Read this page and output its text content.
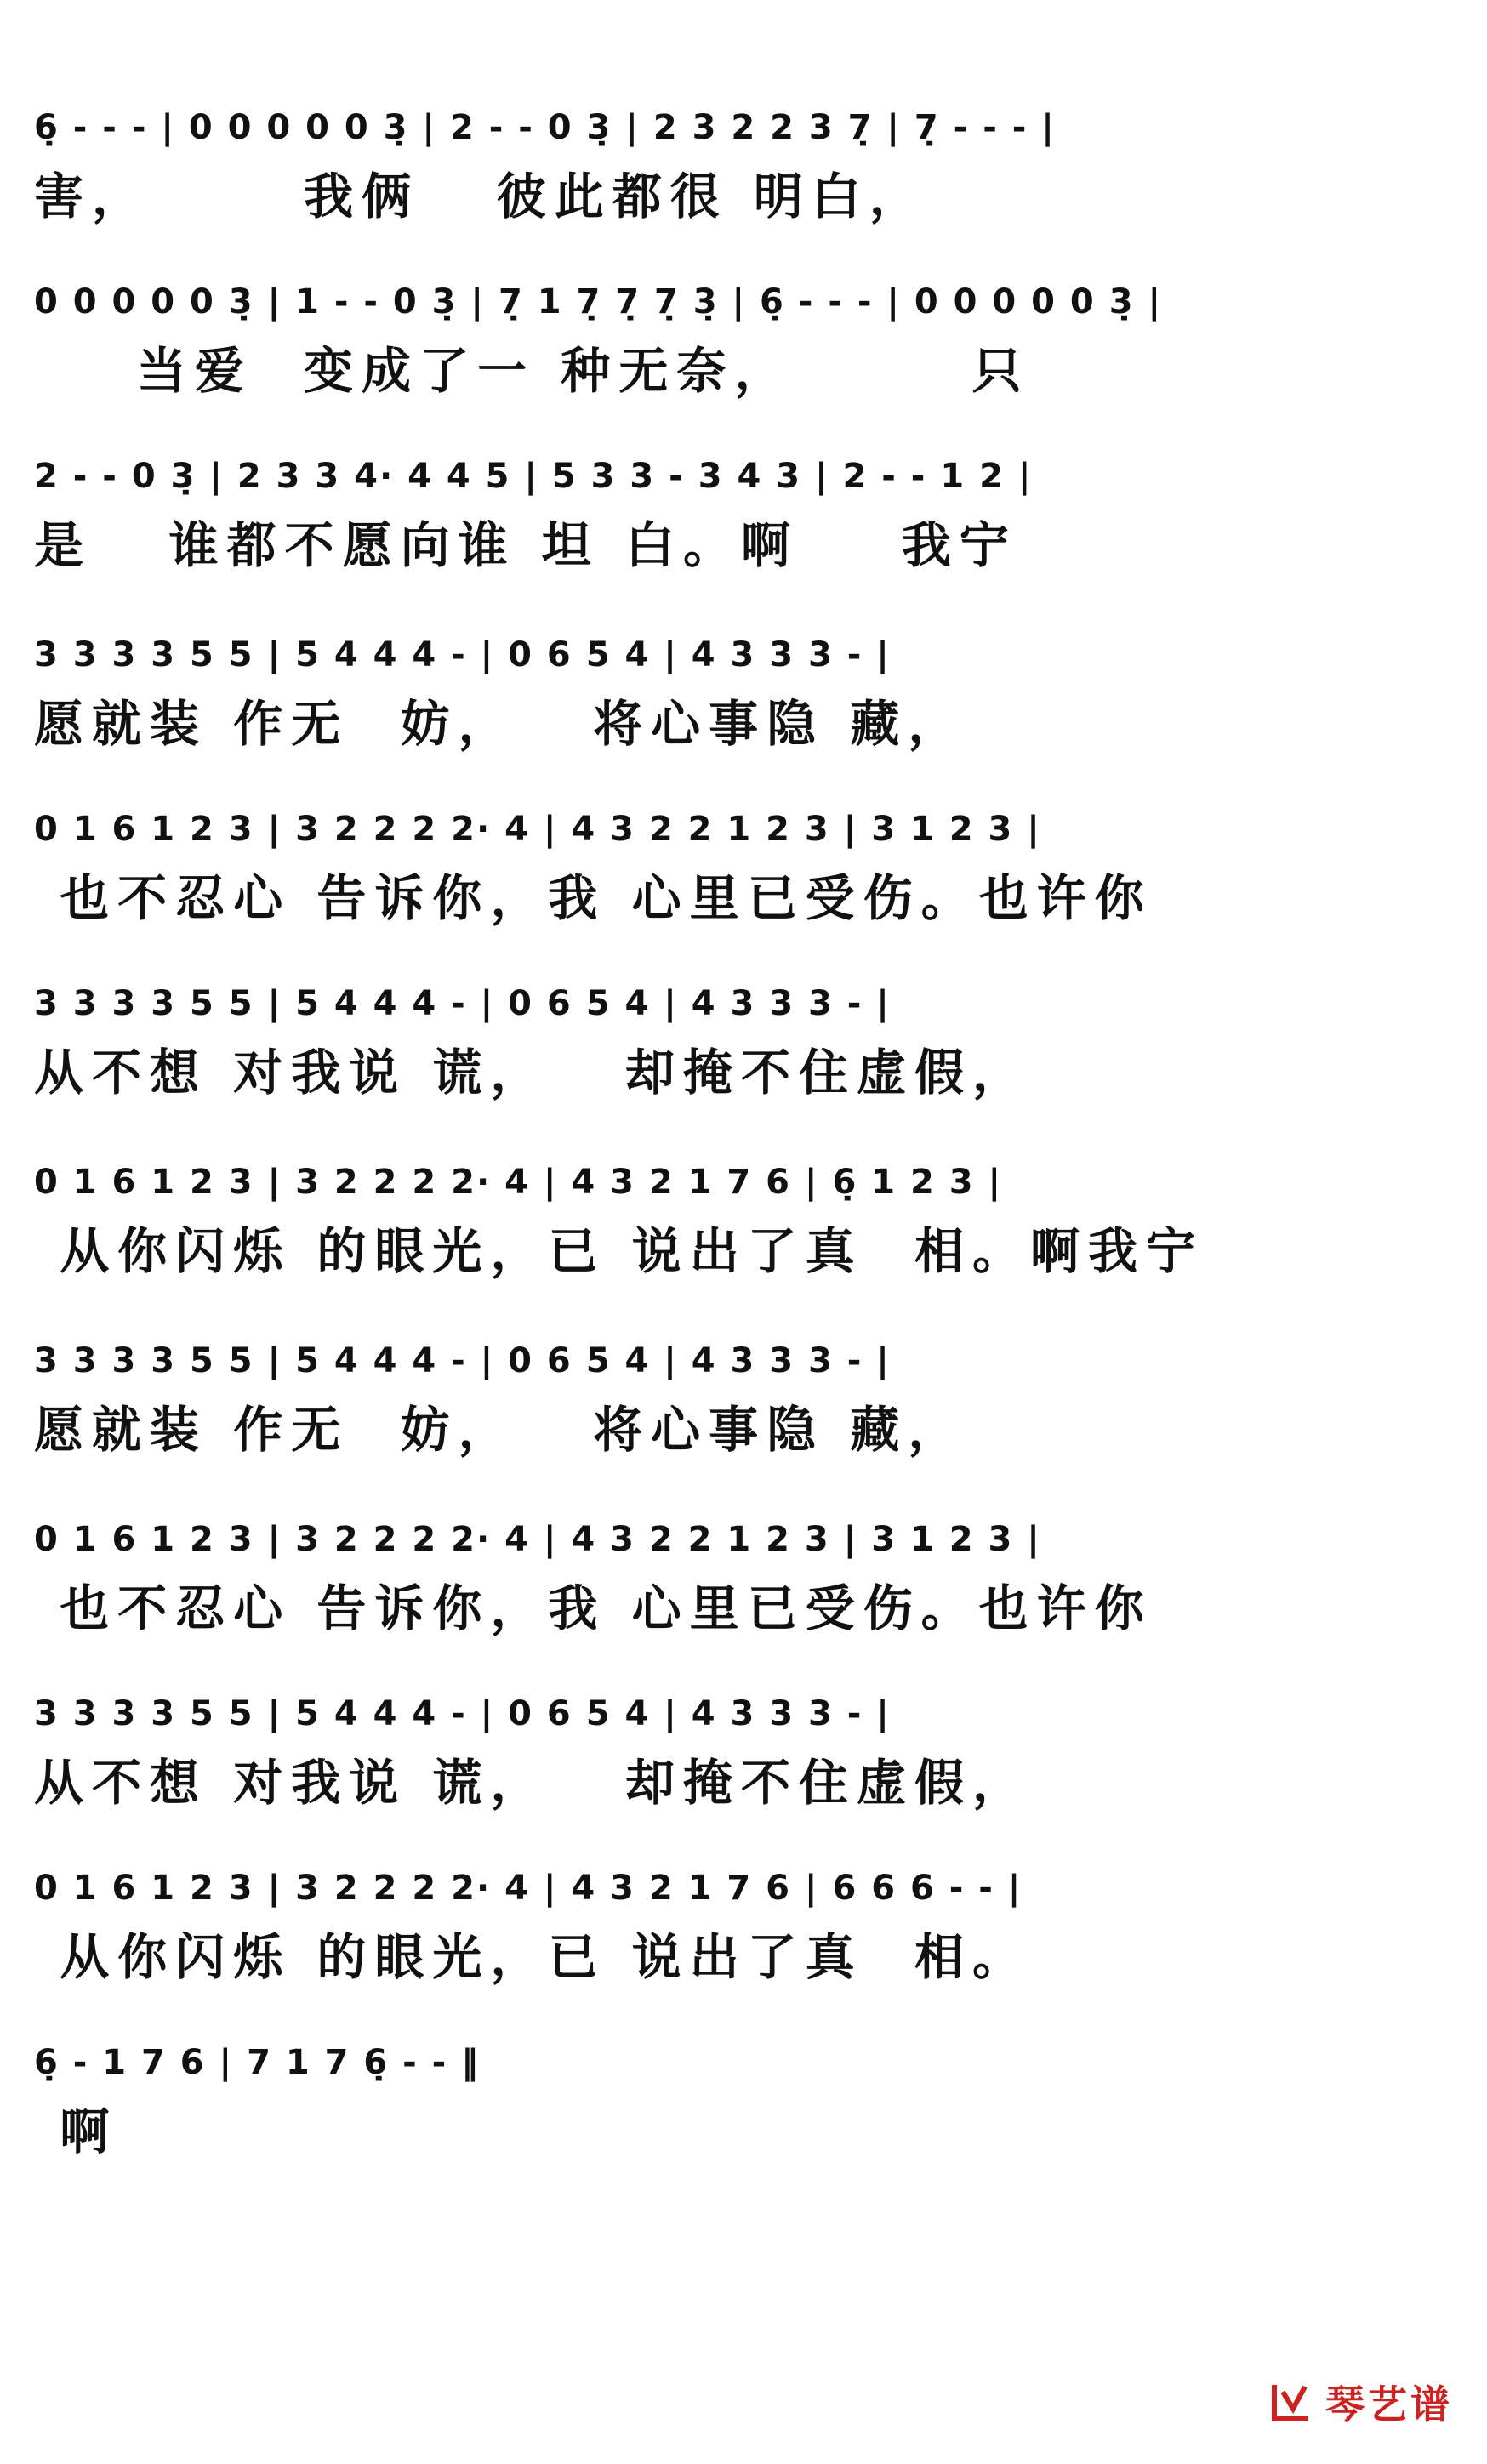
6̣ - - - | 0 0 0 0 0 3̣ | 2 - - 0 3̣ | 2 3 2 2 3 7̣ | 7̣ - - - |
害，      我俩   彼此都很 明白，
0 0 0 0 0 3̣ | 1 - - 0 3̣ | 7̣ 1 7̣ 7̣ 7̣ 3̣ | 6̣ - - - | 0 0 0 0 0 3̣ |
当爱  变成了一 种无奈，       只
2 - - 0 3̣ | 2 3 3 4· 4 4 5 | 5 3 3 - 3 4 3 | 2 - - 1 2 |
是   谁都不愿向谁 坦 白。啊    我宁
3 3 3 3 5 5 | 5 4 4 4 - | 0 6 5 4 | 4 3 3 3 - |
愿就装 作无  妨，   将心事隐 藏，
0 1 6 1 2 3 | 3 2 2 2 2· 4 | 4 3 2 2 1 2 3 | 3 1 2 3 |
也不忍心 告诉你，我 心里已受伤。也许你
3 3 3 3 5 5 | 5 4 4 4 - | 0 6 5 4 | 4 3 3 3 - |
从不想 对我说 谎，   却掩不住虚假，
0 1 6 1 2 3 | 3 2 2 2 2· 4 | 4 3 2 1 7 6 | 6̣ 1 2 3 |
从你闪烁 的眼光，已 说出了真  相。啊我宁
3 3 3 3 5 5 | 5 4 4 4 - | 0 6 5 4 | 4 3 3 3 - |
愿就装 作无  妨，   将心事隐 藏，
0 1 6 1 2 3 | 3 2 2 2 2· 4 | 4 3 2 2 1 2 3 | 3 1 2 3 |
也不忍心 告诉你，我 心里已受伤。也许你
3 3 3 3 5 5 | 5 4 4 4 - | 0 6 5 4 | 4 3 3 3 - |
从不想 对我说 谎，   却掩不住虚假，
0 1 6 1 2 3 | 3 2 2 2 2· 4 | 4 3 2 1 7 6 | 6 6 6 - - |
从你闪烁 的眼光，已 说出了真  相。
6̣ - 1 7 6 | 7 1 7 6̣ - - ‖
啊
琴艺谱
